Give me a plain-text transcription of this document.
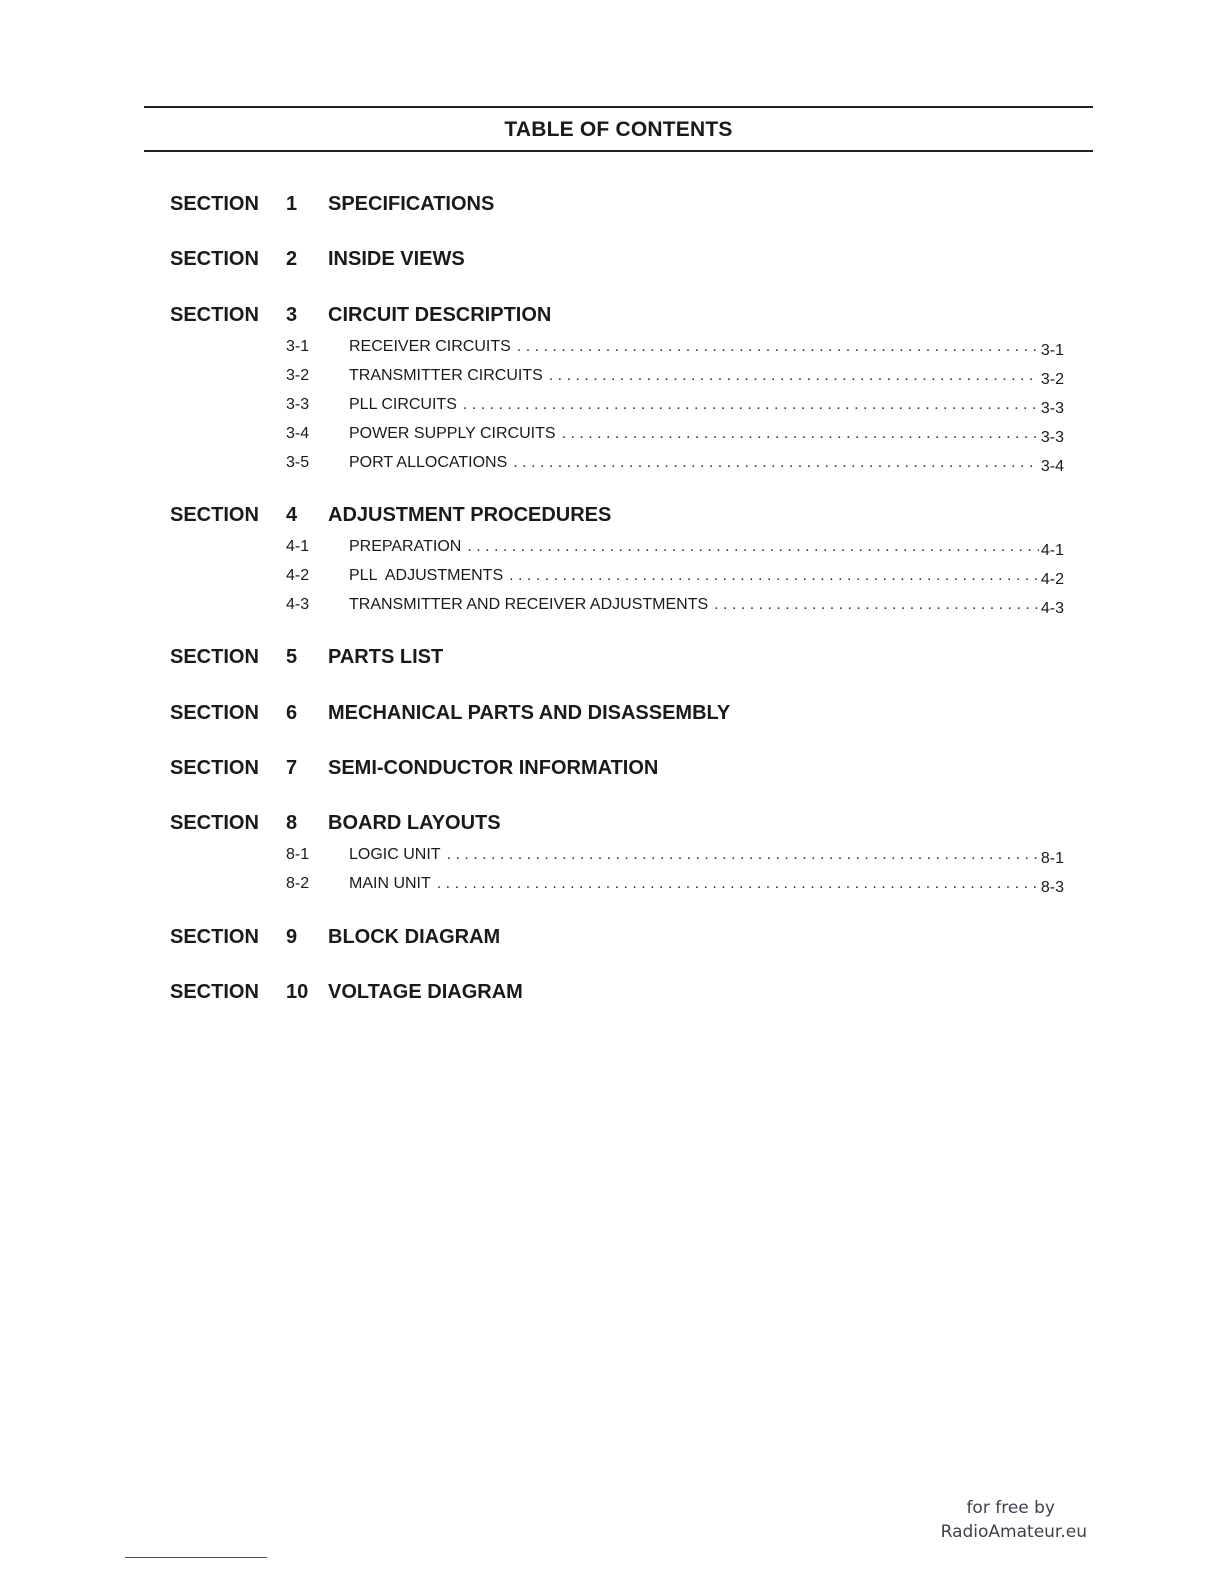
TABLE OF CONTENTS
SECTION 1 SPECIFICATIONS
SECTION 2 INSIDE VIEWS
SECTION 3 CIRCUIT DESCRIPTION
3-1	RECEIVER CIRCUITS . . .	3-1
3-2	TRANSMITTER CIRCUITS . . .	3-2
3-3	PLL CIRCUITS . . .	3-3
3-4	POWER SUPPLY CIRCUITS . . .	3-3
3-5	PORT ALLOCATIONS . . .	3-4
SECTION 4 ADJUSTMENT PROCEDURES
4-1	PREPARATION . . .	4-1
4-2	PLL  ADJUSTMENTS . . .	4-2
4-3	TRANSMITTER AND RECEIVER ADJUSTMENTS . . .	4-3
SECTION 5 PARTS LIST
SECTION 6 MECHANICAL PARTS AND DISASSEMBLY
SECTION 7 SEMI-CONDUCTOR INFORMATION
SECTION 8 BOARD LAYOUTS
8-1	LOGIC UNIT . . .	8-1
8-2	MAIN UNIT . . .	8-3
SECTION 9 BLOCK DIAGRAM
SECTION 10 VOLTAGE DIAGRAM
for free by
RadioAmateur.eu
